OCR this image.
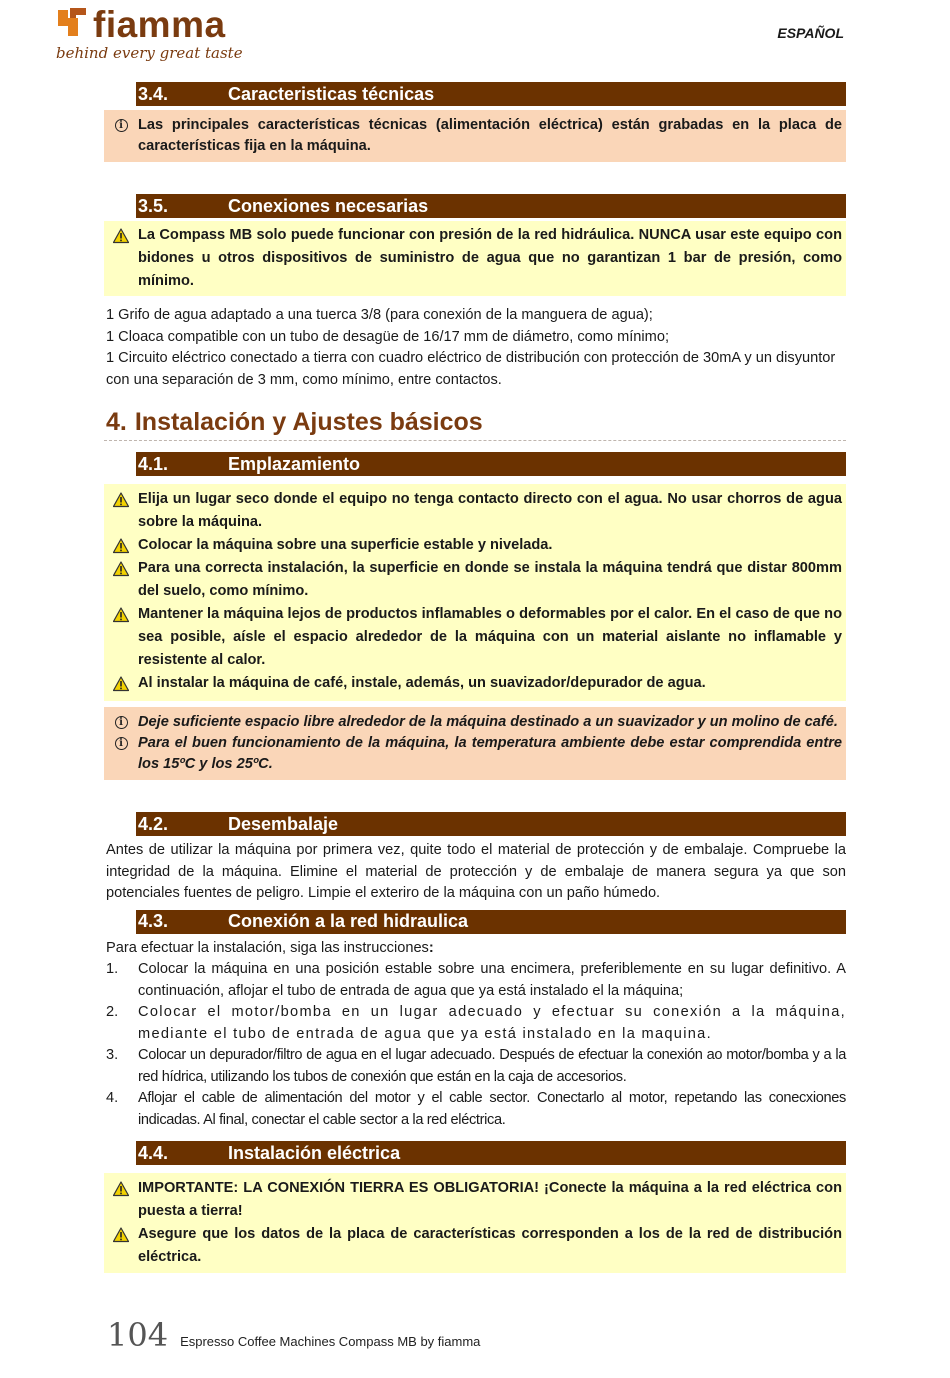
fiamma
behind every great taste
ESPAÑOL
3.4.	Caracteristicas técnicas
i	Las principales características técnicas (alimentación eléctrica) están grabadas en la placa de características fija en la máquina.
3.5.	Conexiones necesarias
La Compass MB solo puede funcionar con presión de la red hidráulica. NUNCA usar este equipo con bidones u otros dispositivos de suministro de agua que no garantizan 1 bar de presión, como mínimo.

1 Grifo de agua adaptado a una tuerca 3/8 (para conexión de la manguera de agua);

1 Cloaca compatible con un tubo de desagüe de 16/17 mm de diámetro, como mínimo;

1 Circuito eléctrico conectado a tierra con cuadro eléctrico de distribución con protección de 30mA y un disyuntor con una separación de 3 mm, como mínimo, entre contactos.

4. Instalación y Ajustes básicos
4.1.	Emplazamiento
Elija un lugar seco donde el equipo no tenga contacto directo con el agua. No usar chorros de agua sobre la máquina.
Colocar la máquina sobre una superficie estable y nivelada.
Para una correcta instalación, la superficie en donde se instala la máquina tendrá que distar 800mm del suelo, como mínimo.
Mantener la máquina lejos de productos inflamables o deformables por el calor. En el caso de que no sea posible, aísle el espacio alrededor de la máquina con un material aislante no inflamable y resistente al calor.
Al instalar la máquina de café, instale, además, un suavizador/depurador de agua.
i	Deje suficiente espacio libre alrededor de la máquina destinado a un suavizador y un molino de café.
i	Para el buen funcionamiento de la máquina, la temperatura ambiente debe estar comprendida entre los 15ºC y los 25ºC.
4.2.	Desembalaje

Antes de utilizar la máquina por primera vez, quite todo el material de protección y de embalaje. Compruebe la integridad de la máquina. Elimine el material de protección y de embalaje de manera segura ya que son potenciales fuentes de peligro. Limpie el exteriro de la máquina con un paño húmedo.

4.3.	Conexión a la red hidraulica

Para efectuar la instalación, siga las instrucciones:

1.	Colocar la máquina en una posición estable sobre una encimera, preferiblemente en su lugar definitivo. A continuación, aflojar el tubo de entrada de agua que ya está instalado el la máquina;
2.	Colocar el motor/bomba en un lugar adecuado y efectuar su conexión a la máquina, mediante el tubo de entrada de agua que ya está instalado en la maquina.
3.	Colocar un depurador/filtro de agua en el lugar adecuado. Después de efectuar la conexión ao motor/bomba y a la red hídrica, utilizando los tubos de conexión que están en la caja de accesorios.
4.	Aflojar el cable de alimentación del motor y el cable sector. Conectarlo al motor, repetando las conecxiones indicadas. Al final, conectar el cable sector a la red eléctrica.
4.4.	Instalación eléctrica
IMPORTANTE: LA CONEXIÓN TIERRA ES OBLIGATORIA! ¡Conecte la máquina a la red eléctrica con puesta a tierra!
Asegure que los datos de la placa de características corresponden a los de la red de distribución eléctrica.
104 Espresso Coffee Machines Compass MB by fiamma
